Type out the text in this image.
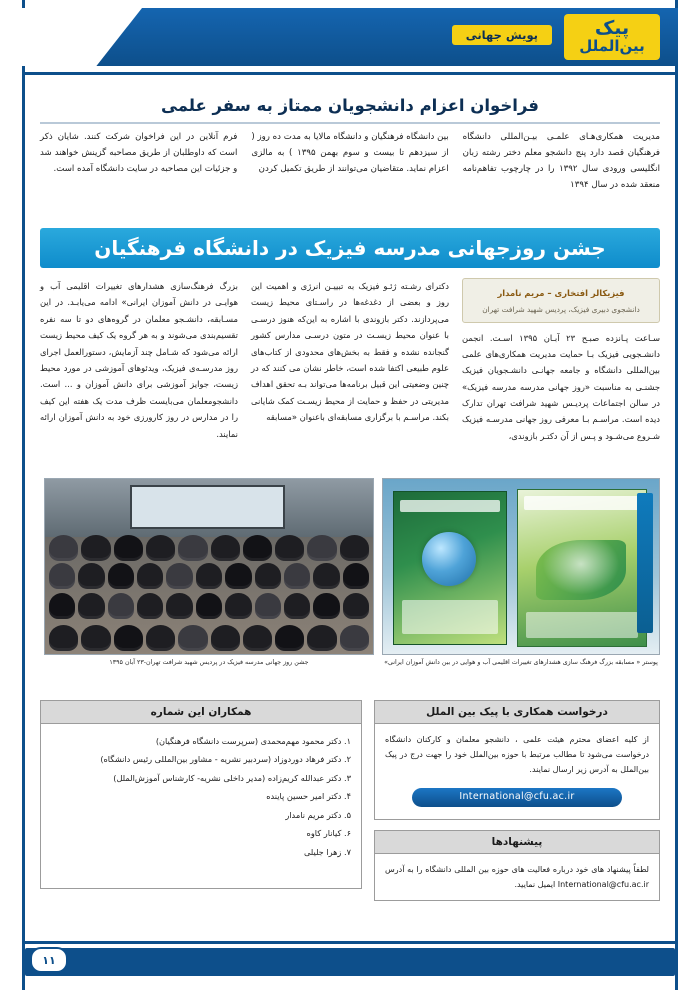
پیک
بین‌الملل
پویش جهانی
فراخوان اعزام دانشجویان ممتاز به سفر علمی
مدیریت همکاری‌هـای علمـی بیـن‌المللی دانشگاه فرهنگیان قصد دارد پنج دانشجو معلم دختر رشته زبان انگلیسی ورودی سال ۱۳۹۲ را در چارچوب تفاهم‌نامه منعقد شده در سال ۱۳۹۴
بین دانشگاه فرهنگیان و دانشگاه مالایا به مدت ده روز ( از سیزدهم تا بیست و سوم بهمن ۱۳۹۵ ) به مالزی اعزام نماید. متقاضیان می‌توانند از طریق تکمیل کردن
فرم آنلاین در این فراخوان شرکت کنند. شایان ذکر است که داوطلبان از طریق مصاحبه گزینش خواهند شد و جزئیات این مصاحبه در سایت دانشگاه آمده است.
جشن روزجهانی مدرسه فیزیک در دانشگاه فرهنگیان
فیزیکالر افتخاری – مریم نامدار
دانشجوی دبیری فیزیک، پردیس شهید شرافت تهران
سـاعت پـانزده صبـح ۲۳ آبـان ۱۳۹۵ اسـت. انجمن دانشـجویی فیزیک بـا حمایت مدیریت همکاری‌های علمی بین‌المللی دانشگاه و جامعه جهانـی دانشـجویان فیزیک جشنـی به مناسبت «روز جهانی مدرسه مدرسه فیزیک» در سالن اجتماعات پردیـس شهید شرافت تهران تدارک دیده است. مراسـم بـا معرفی روز جهانی مدرسـه فیزیک شـروع می‌شـود و پـس از آن دکتـر بازوندی،
دکترای رشـته ژئـو فیزیک به تبییـن انرژی و اهمیت این روز و بعضی از دغدغه‌ها در راسـتای محیط زیست می‌پردازند. دکتر بازوندی با اشاره به این‌که هنوز درسـی با عنوان محیط زیسـت در متون درسـی مدارس کشور گنجانده نشده و فقط به بخش‌های محدودی از کتاب‌های علوم طبیعی اکتفا شده است، خاطر نشان می کنند که در چنین وضعیتی این قبیل برنامه‌ها می‌تواند بـه تحقق اهداف مدیریتی در حفظ و حمایت از محیط زیسـت کمک شایانی بکند. مراسـم با برگزاری مسابقه‌ای باعنوان «مسابقه
بزرگ فرهنگ‌سازی هشدارهای تغییرات اقلیمی آب و هوایـی در دانش آموزان ایرانی» ادامه می‌یابـد. در این مسـابقه، دانشـجو معلمان در گروه‌های دو تا سه نفره تقسیم‌بندی می‌شوند و به هر گروه یک کیف محیط زیست ارائه می‌شود که شـامل چند آزمایش، دستورالعمل اجرای روز مدرسـه‌ی فیزیک، ویدئوهای آموزشی در مورد محیط زیست، جوایز آموزشی برای دانش آموزان و ... است. دانشجومعلمان می‌بایست ظرف مدت یک هفته این کیف را در مدارس در روز کارورزی خود به دانش آموزان ارائه نمایند.
پوستر « مسابقه بزرگ فرهنگ سازی هشدارهای تغییرات اقلیمی آب و هوایی در بین دانش آموزان ایرانی»
جشن روز جهانی مدرسه فیزیک در پردیس شهید شرافت تهران-۲۳ آبان ۱۳۹۵
درخواست همکاری با پیک بین الملل
از کلیه اعضای محترم هیئت علمی ، دانشجو معلمان و کارکنان دانشگاه درخواست می‌شود تا مطالب مرتبط با حوزه بین‌الملل خود را جهت درج در پیک بین‌الملل به آدرس زیر ارسال نمایند.
International@cfu.ac.ir
پیشنهادها
لطفاً پیشنهاد های خود درباره فعالیت های حوزه بین المللی دانشگاه را به آدرس International@cfu.ac.ir ایمیل نمایید.
همکاران این شماره
۱. دکتر محمود مهم‌محمدی (سرپرست دانشگاه فرهنگیان)
۲. دکتر فرهاد دوردوزاد (سردبیر نشریه - مشاور بین‌المللی رئیس دانشگاه)
۳. دکتر عبدالله کریم‌زاده (مدیر داخلی نشریه- کارشناس آموزش‌الملل)
۴. دکتر امیر حسین پاینده
۵. دکتر مریم نامدار
۶. کیانار کاوه
۷. زهرا جلیلی
۱۱
